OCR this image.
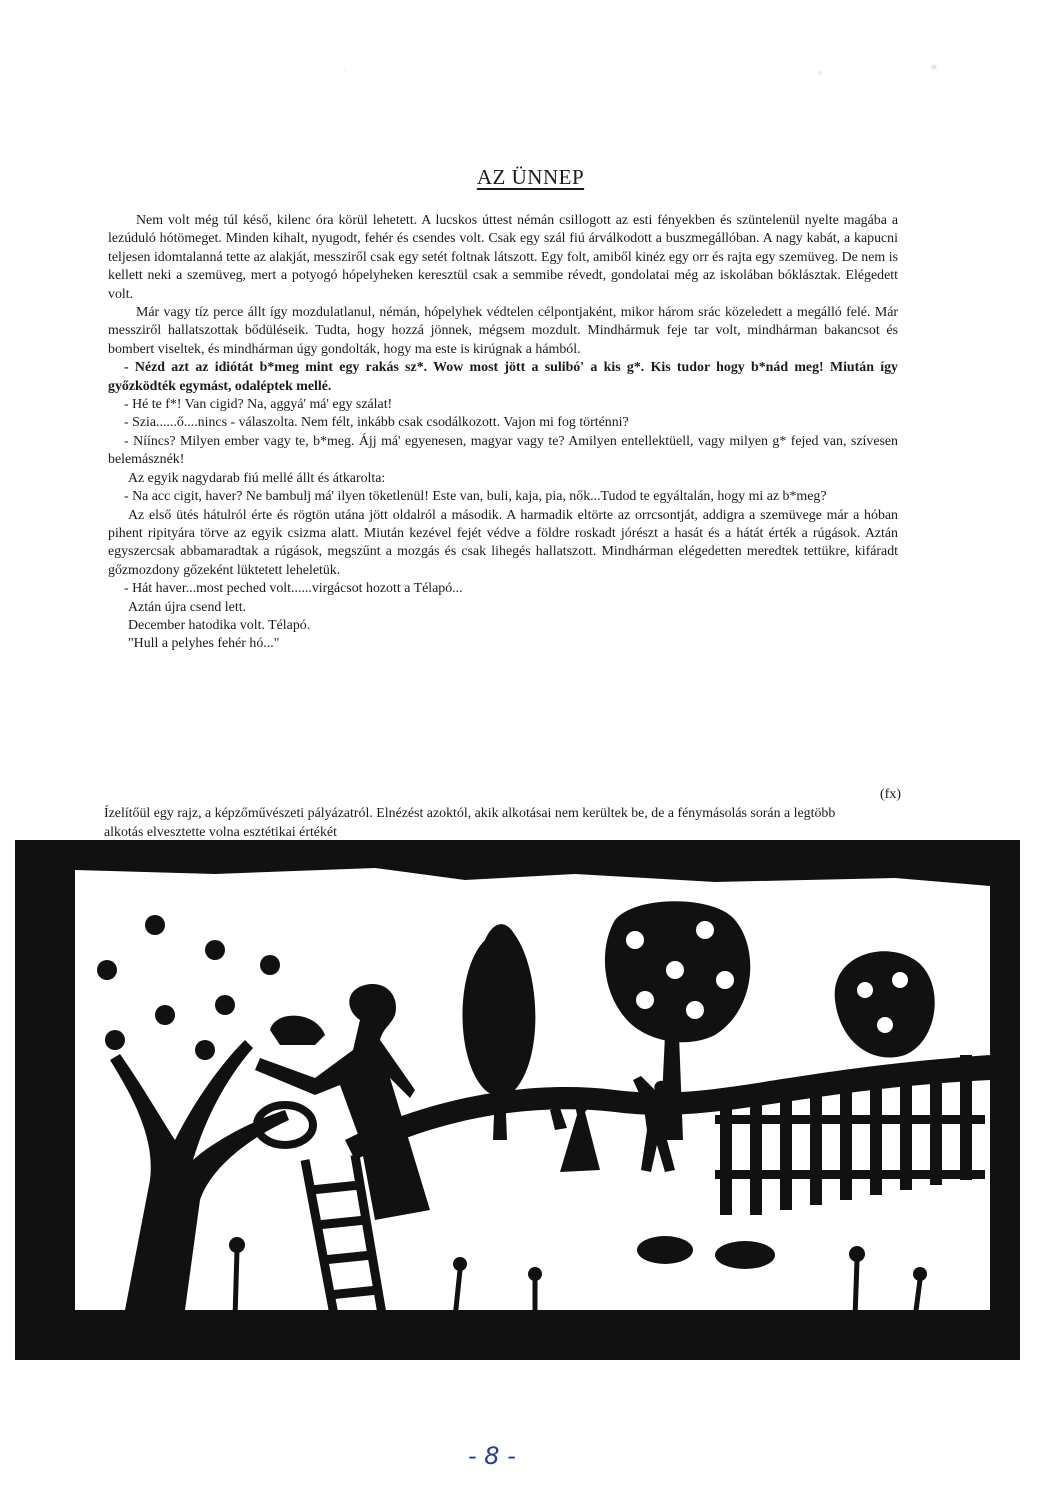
AZ ÜNNEP

Nem volt még túl késő, kilenc óra körül lehetett. A lucskos úttest némán csillogott az esti fényekben és szüntelenül nyelte magába a lezúduló hótömeget. Minden kihalt, nyugodt, fehér és csendes volt. Csak egy szál fiú árválkodott a buszmegállóban. A nagy kabát, a kapucni teljesen idomtalanná tette az alakját, messziről csak egy setét foltnak látszott. Egy folt, amiből kinéz egy orr és rajta egy szemüveg. De nem is kellett neki a szemüveg, mert a potyogó hópelyheken keresztül csak a semmibe révedt, gondolatai még az iskolában bóklásztak. Elégedett volt.

Már vagy tíz perce állt így mozdulatlanul, némán, hópelyhek védtelen célpontjaként, mikor három srác közeledett a megálló felé. Már messziről hallatszottak bődüléseik. Tudta, hogy hozzá jönnek, mégsem mozdult. Mindhármuk feje tar volt, mindhárman bakancsot és bombert viseltek, és mindhárman úgy gondolták, hogy ma este is kirúgnak a hámból.

- Nézd azt az idiótát b*meg mint egy rakás sz*. Wow most jött a sulibó' a kis g*. Kis tudor hogy b*nád meg! Miután így győzködték egymást, odaléptek mellé.

- Hé te f*! Van cigid? Na, aggyá' má' egy szálat!

- Szia......ő....nincs - válaszolta. Nem félt, inkább csak csodálkozott. Vajon mi fog történni?

- Nííncs? Milyen ember vagy te, b*meg. Ájj má' egyenesen, magyar vagy te? Amilyen entellektüell, vagy milyen g* fejed van, szívesen belemásznék!

Az egyik nagydarab fiú mellé állt és átkarolta:

- Na acc cigit, haver? Ne bambulj má' ilyen töketlenül! Este van, buli, kaja, pia, nők...Tudod te egyáltalán, hogy mi az b*meg?

Az első ütés hátulról érte és rögtön utána jött oldalról a második. A harmadik eltörte az orrcsontját, addigra a szemüvege már a hóban pihent ripityára törve az egyik csizma alatt. Miután kezével fejét védve a földre roskadt jórészt a hasát és a hátát érték a rúgások. Aztán egyszercsak abbamaradtak a rúgások, megszűnt a mozgás és csak lihegés hallatszott. Mindhárman elégedetten meredtek tettükre, kifáradt gőzmozdony gőzeként lüktetett leheletük.

- Hát haver...most peched volt......virgácsot hozott a Télapó...

Aztán újra csend lett.

December hatodika volt. Télapó.

"Hull a pelyhes fehér hó..."

(fx)
Ízelítőül egy rajz, a képzőművészeti pályázatról. Elnézést azoktól, akik alkotásai nem kerültek be, de a fénymásolás során a legtöbb alkotás elvesztette volna esztétikai értékét
- 8 -
